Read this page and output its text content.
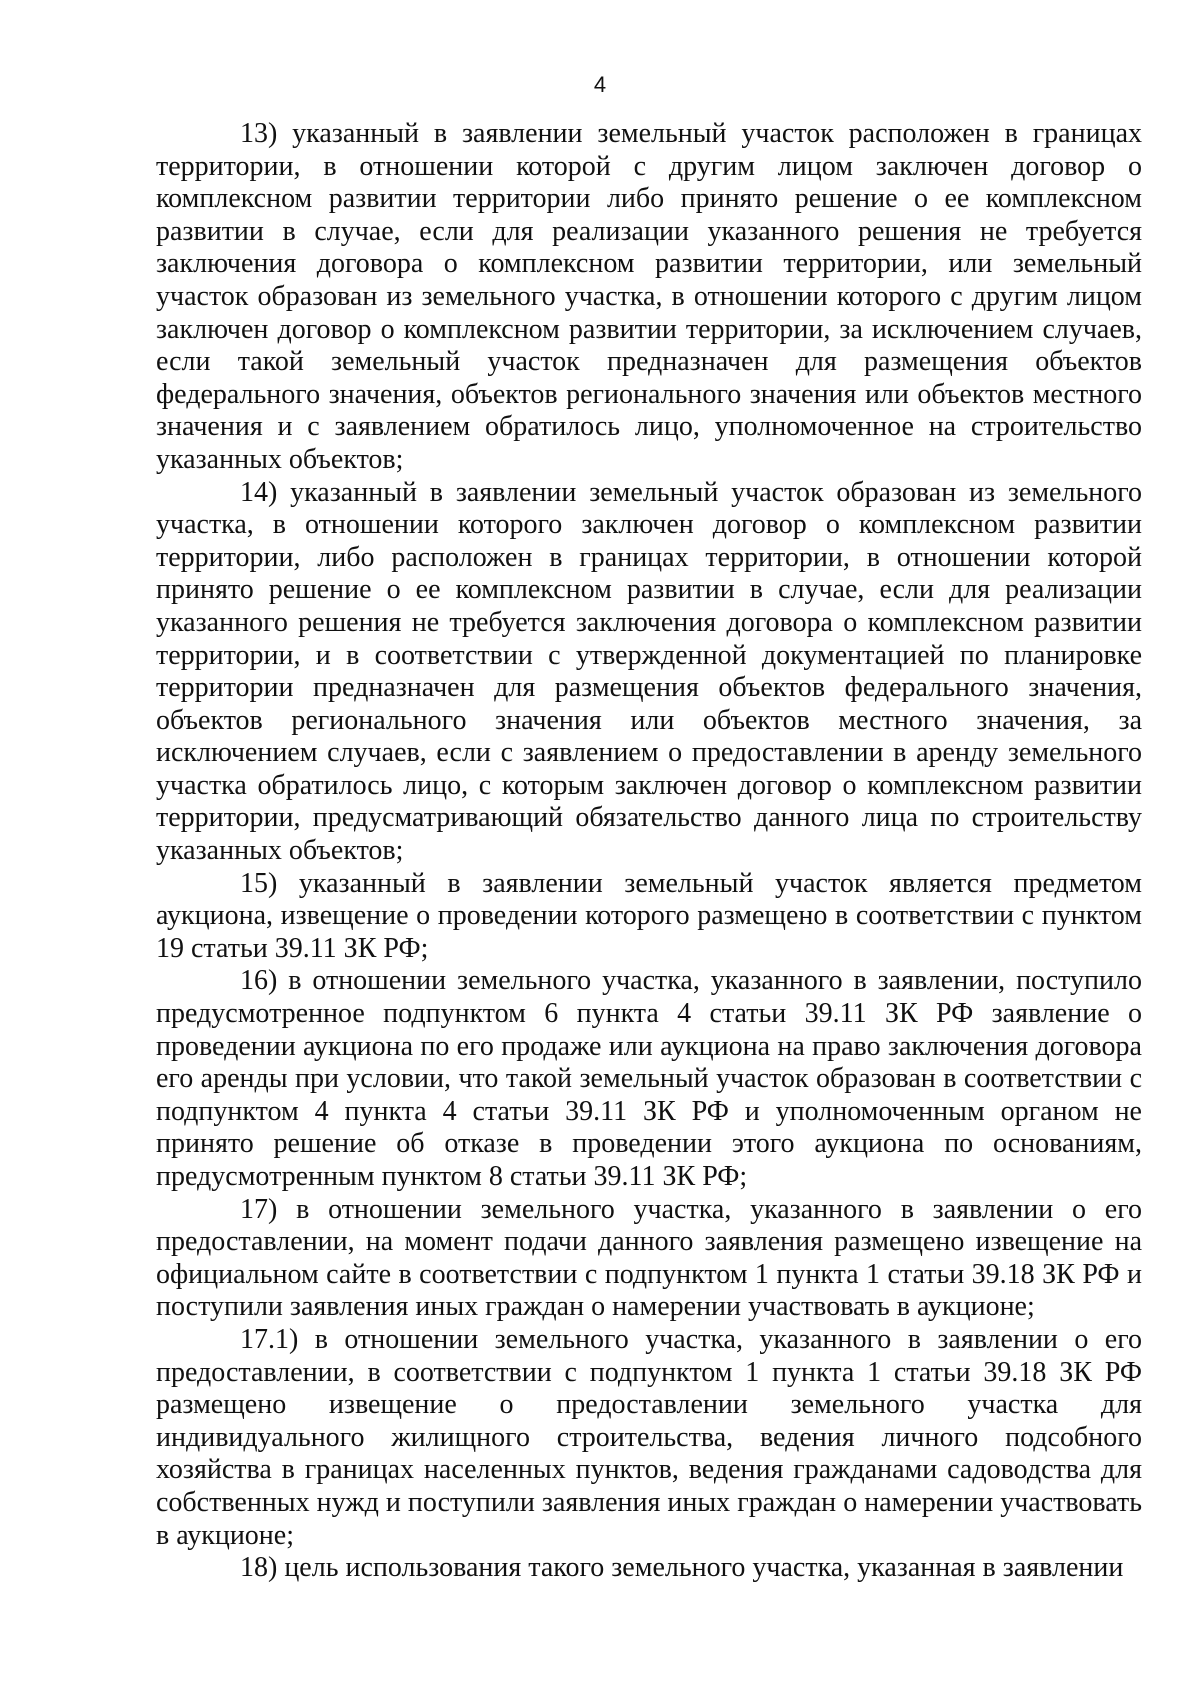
4

13) указанный в заявлении земельный участок расположен в границах территории, в отношении которой с другим лицом заключен договор о комплексном развитии территории либо принято решение о ее комплексном развитии в случае, если для реализации указанного решения не требуется заключения договора о комплексном развитии территории, или земельный участок образован из земельного участка, в отношении которого с другим лицом заключен договор о комплексном развитии территории, за исключением случаев, если такой земельный участок предназначен для размещения объектов федерального значения, объектов регионального значения или объектов местного значения и с заявлением обратилось лицо, уполномоченное на строительство указанных объектов;

14) указанный в заявлении земельный участок образован из земельного участка, в отношении которого заключен договор о комплексном развитии территории, либо расположен в границах территории, в отношении которой принято решение о ее комплексном развитии в случае, если для реализации указанного решения не требуется заключения договора о комплексном развитии территории, и в соответствии с утвержденной документацией по планировке территории предназначен для размещения объектов федерального значения, объектов регионального значения или объектов местного значения, за исключением случаев, если с заявлением о предоставлении в аренду земельного участка обратилось лицо, с которым заключен договор о комплексном развитии территории, предусматривающий обязательство данного лица по строительству указанных объектов;

15) указанный в заявлении земельный участок является предметом аукциона, извещение о проведении которого размещено в соответствии с пунктом 19 статьи 39.11 ЗК РФ;

16) в отношении земельного участка, указанного в заявлении, поступило предусмотренное подпунктом 6 пункта 4 статьи 39.11 ЗК РФ заявление о проведении аукциона по его продаже или аукциона на право заключения договора его аренды при условии, что такой земельный участок образован в соответствии с подпунктом 4 пункта 4 статьи 39.11 ЗК РФ и уполномоченным органом не принято решение об отказе в проведении этого аукциона по основаниям, предусмотренным пунктом 8 статьи 39.11 ЗК РФ;

17) в отношении земельного участка, указанного в заявлении о его предоставлении, на момент подачи данного заявления размещено извещение на официальном сайте в соответствии с подпунктом 1 пункта 1 статьи 39.18 ЗК РФ и поступили заявления иных граждан о намерении участвовать в аукционе;

17.1) в отношении земельного участка, указанного в заявлении о его предоставлении, в соответствии с подпунктом 1 пункта 1 статьи 39.18 ЗК РФ размещено извещение о предоставлении земельного участка для индивидуального жилищного строительства, ведения личного подсобного хозяйства в границах населенных пунктов, ведения гражданами садоводства для собственных нужд и поступили заявления иных граждан о намерении участвовать в аукционе;

18) цель использования такого земельного участка, указанная в заявлении
